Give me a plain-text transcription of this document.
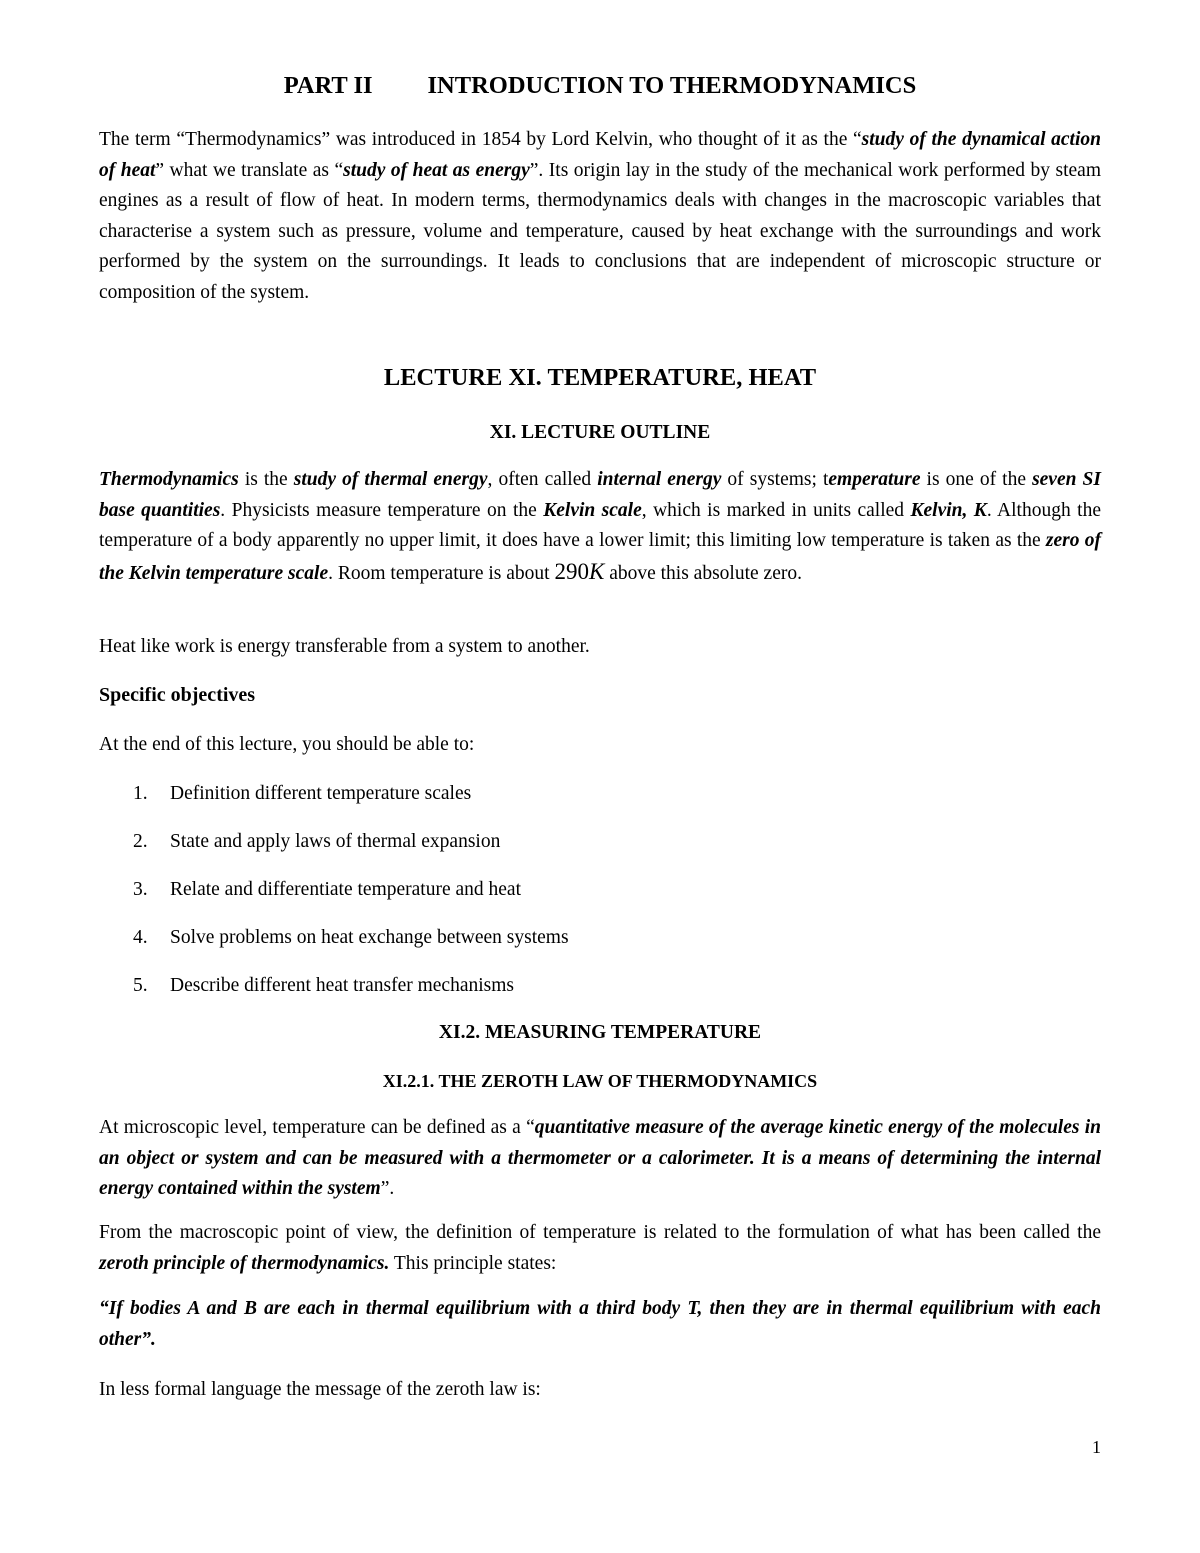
PART II INTRODUCTION TO THERMODYNAMICS

The term “Thermodynamics” was introduced in 1854 by Lord Kelvin, who thought of it as the “study of the dynamical action of heat” what we translate as “study of heat as energy”. Its origin lay in the study of the mechanical work performed by steam engines as a result of flow of heat. In modern terms, thermodynamics deals with changes in the macroscopic variables that characterise a system such as pressure, volume and temperature, caused by heat exchange with the surroundings and work performed by the system on the surroundings. It leads to conclusions that are independent of microscopic structure or composition of the system.

LECTURE XI. TEMPERATURE, HEAT
XI. LECTURE OUTLINE

Thermodynamics is the study of thermal energy, often called internal energy of systems; temperature is one of the seven SI base quantities. Physicists measure temperature on the Kelvin scale, which is marked in units called Kelvin, K. Although the temperature of a body apparently no upper limit, it does have a lower limit; this limiting low temperature is taken as the zero of the Kelvin temperature scale. Room temperature is about 290K above this absolute zero.

Heat like work is energy transferable from a system to another.

Specific objectives

At the end of this lecture, you should be able to:

1. Definition different temperature scales
2. State and apply laws of thermal expansion
3. Relate and differentiate temperature and heat
4. Solve problems on heat exchange between systems
5. Describe different heat transfer mechanisms
XI.2. MEASURING TEMPERATURE
XI.2.1. THE ZEROTH LAW OF THERMODYNAMICS

At microscopic level, temperature can be defined as a “quantitative measure of the average kinetic energy of the molecules in an object or system and can be measured with a thermometer or a calorimeter. It is a means of determining the internal energy contained within the system”.

From the macroscopic point of view, the definition of temperature is related to the formulation of what has been called the zeroth principle of thermodynamics. This principle states:

“If bodies A and B are each in thermal equilibrium with a third body T, then they are in thermal equilibrium with each other”.

In less formal language the message of the zeroth law is:

1
